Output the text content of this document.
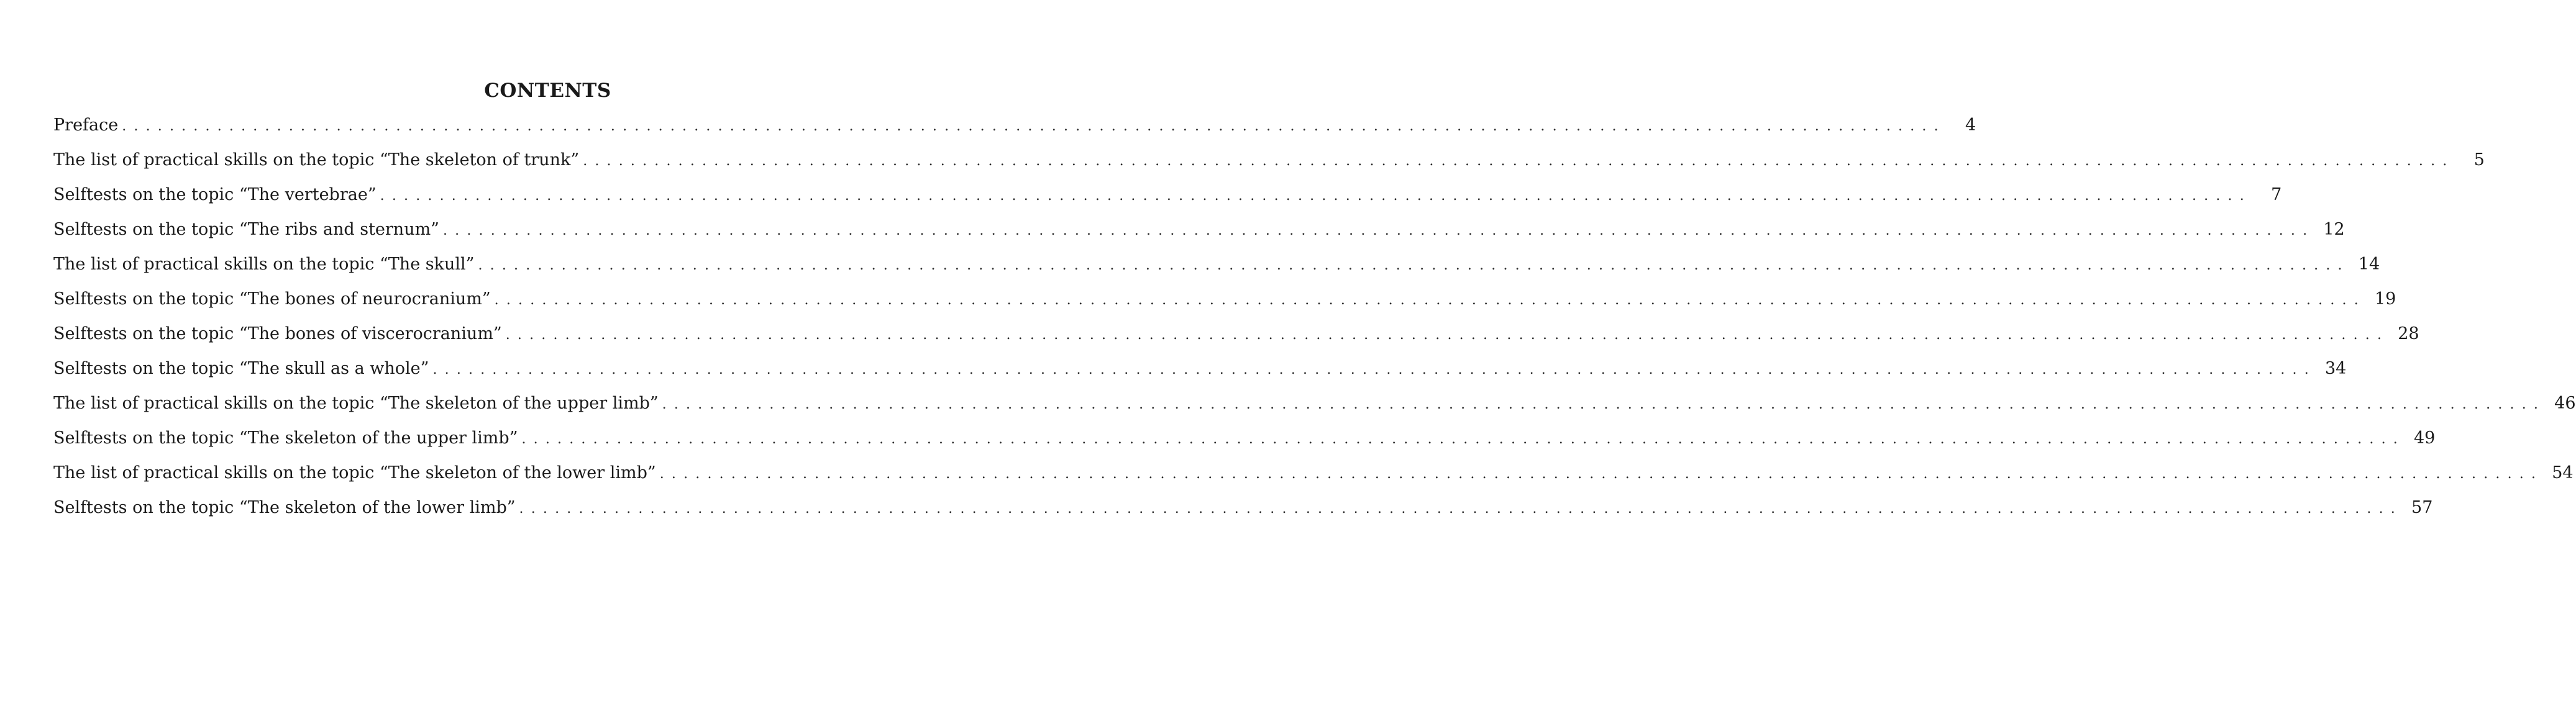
CONTENTS
Preface . . . . . . . . . . . . . . . . . . . . . . . . . . . . . . . . . . . . . . . . . . . . . . . . . . . . . . . . . . . . . . . . . . . . . . . . . . . . . . . . . . . . . . . . . . . . . . . . . . . . . . . . . . . . . . . . . . . . . . . . . . . . . . . . . . . . . . . . . . . . . . . . . . . . . . . . .	4
The list of practical skills on the topic “The skeleton of trunk” . . . . . . . . . . . . . . . . . . . . . . . . . . . . . . . . . . . . . . . . . . . . . . . . . . . . . . . . . . . . . . . . . . . . . . . . . . . . . . . . . . . . . . . . . . . . . . . . . . . . . . . . . . . . . . . . . . . . . . . . . . . . . . . . . . . . . . . . . . . . . . . . . . . . . . . . . . . . .	5
Selftests on the topic “The vertebrae” . . . . . . . . . . . . . . . . . . . . . . . . . . . . . . . . . . . . . . . . . . . . . . . . . . . . . . . . . . . . . . . . . . . . . . . . . . . . . . . . . . . . . . . . . . . . . . . . . . . . . . . . . . . . . . . . . . . . . . . . . . . . . . . . . . . . . . . . . . . . . . . . . . . . . . . . . . . . .	7
Selftests on the topic “The ribs and sternum” . . . . . . . . . . . . . . . . . . . . . . . . . . . . . . . . . . . . . . . . . . . . . . . . . . . . . . . . . . . . . . . . . . . . . . . . . . . . . . . . . . . . . . . . . . . . . . . . . . . . . . . . . . . . . . . . . . . . . . . . . . . . . . . . . . . . . . . . . . . . . . . . . . . . . . . . . . . . . 12
The list of practical skills on the topic “The skull” . . . . . . . . . . . . . . . . . . . . . . . . . . . . . . . . . . . . . . . . . . . . . . . . . . . . . . . . . . . . . . . . . . . . . . . . . . . . . . . . . . . . . . . . . . . . . . . . . . . . . . . . . . . . . . . . . . . . . . . . . . . . . . . . . . . . . . . . . . . . . . . . . . . . . . . . . . . . . 14
Selftests on the topic “The bones of neurocranium” . . . . . . . . . . . . . . . . . . . . . . . . . . . . . . . . . . . . . . . . . . . . . . . . . . . . . . . . . . . . . . . . . . . . . . . . . . . . . . . . . . . . . . . . . . . . . . . . . . . . . . . . . . . . . . . . . . . . . . . . . . . . . . . . . . . . . . . . . . . . . . . . . . . . . . . . . . . . . 19
Selftests on the topic “The bones of viscerocranium” . . . . . . . . . . . . . . . . . . . . . . . . . . . . . . . . . . . . . . . . . . . . . . . . . . . . . . . . . . . . . . . . . . . . . . . . . . . . . . . . . . . . . . . . . . . . . . . . . . . . . . . . . . . . . . . . . . . . . . . . . . . . . . . . . . . . . . . . . . . . . . . . . . . . . . . . . . . . . . 28
Selftests on the topic “The skull as a whole” . . . . . . . . . . . . . . . . . . . . . . . . . . . . . . . . . . . . . . . . . . . . . . . . . . . . . . . . . . . . . . . . . . . . . . . . . . . . . . . . . . . . . . . . . . . . . . . . . . . . . . . . . . . . . . . . . . . . . . . . . . . . . . . . . . . . . . . . . . . . . . . . . . . . . . . . . . . . . . 34
The list of practical skills on the topic “The skeleton of the upper limb” . . . . . . . . . . . . . . . . . . . . . . . . . . . . . . . . . . . . . . . . . . . . . . . . . . . . . . . . . . . . . . . . . . . . . . . . . . . . . . . . . . . . . . . . . . . . . . . . . . . . . . . . . . . . . . . . . . . . . . . . . . . . . . . . . . . . . . . . . . . . . . . . . . . . . . . . . . . . . . 46
Selftests on the topic “The skeleton of the upper limb” . . . . . . . . . . . . . . . . . . . . . . . . . . . . . . . . . . . . . . . . . . . . . . . . . . . . . . . . . . . . . . . . . . . . . . . . . . . . . . . . . . . . . . . . . . . . . . . . . . . . . . . . . . . . . . . . . . . . . . . . . . . . . . . . . . . . . . . . . . . . . . . . . . . . . . . . . . . . . . 49
The list of practical skills on the topic “The skeleton of the lower limb” . . . . . . . . . . . . . . . . . . . . . . . . . . . . . . . . . . . . . . . . . . . . . . . . . . . . . . . . . . . . . . . . . . . . . . . . . . . . . . . . . . . . . . . . . . . . . . . . . . . . . . . . . . . . . . . . . . . . . . . . . . . . . . . . . . . . . . . . . . . . . . . . . . . . . . . . . . . . . . 54
Selftests on the topic “The skeleton of the lower limb” . . . . . . . . . . . . . . . . . . . . . . . . . . . . . . . . . . . . . . . . . . . . . . . . . . . . . . . . . . . . . . . . . . . . . . . . . . . . . . . . . . . . . . . . . . . . . . . . . . . . . . . . . . . . . . . . . . . . . . . . . . . . . . . . . . . . . . . . . . . . . . . . . . . . . . . . . . . . . . 57
